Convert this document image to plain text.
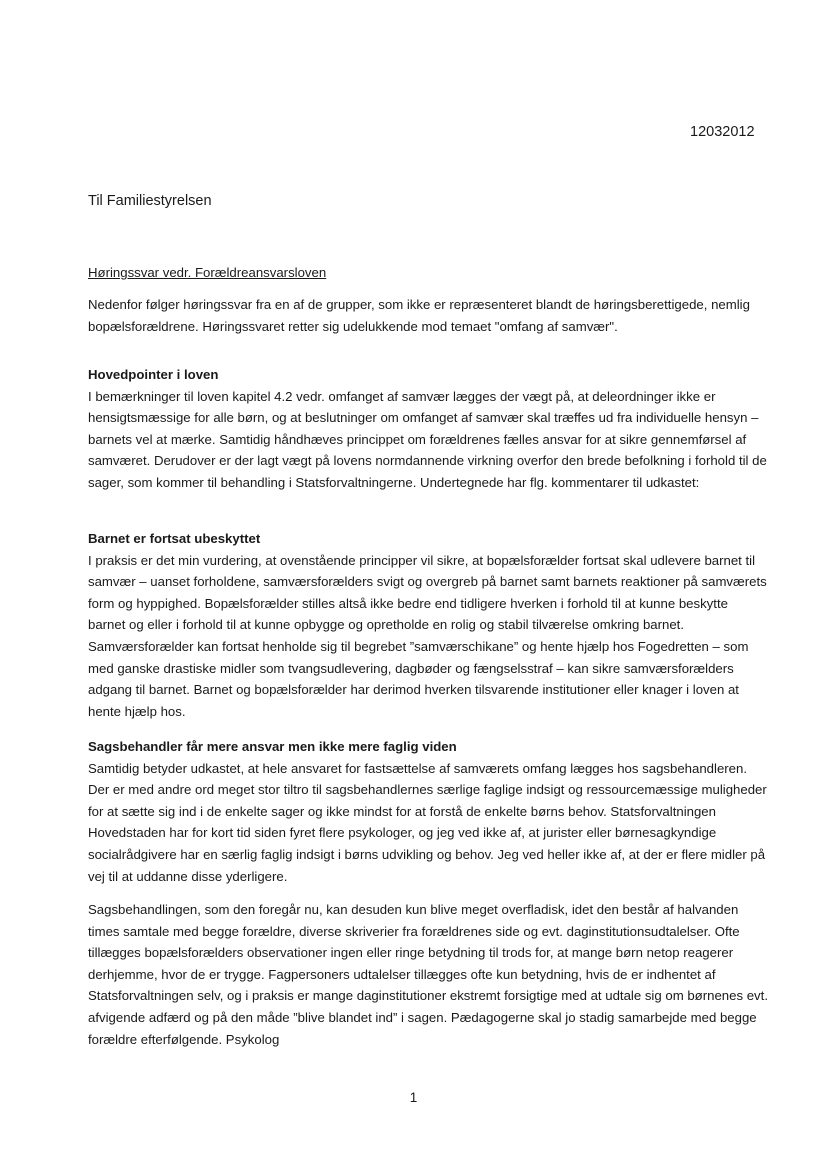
12032012
Til Familiestyrelsen
Høringssvar vedr. Forældreansvarsloven

Nedenfor følger høringssvar fra en af de grupper, som ikke er repræsenteret blandt de høringsberettigede, nemlig bopælsforældrene. Høringssvaret retter sig udelukkende mod temaet "omfang af samvær".

Hovedpointer i loven

I bemærkninger til loven kapitel 4.2 vedr. omfanget af samvær lægges der vægt på, at deleordninger ikke er hensigtsmæssige for alle børn, og at beslutninger om omfanget af samvær skal træffes ud fra individuelle hensyn – barnets vel at mærke. Samtidig håndhæves princippet om forældrenes fælles ansvar for at sikre gennemførsel af samværet. Derudover er der lagt vægt på lovens normdannende virkning overfor den brede befolkning i forhold til de sager, som kommer til behandling i Statsforvaltningerne. Undertegnede har flg. kommentarer til udkastet:

Barnet er fortsat ubeskyttet

I praksis er det min vurdering, at ovenstående principper vil sikre, at bopælsforælder fortsat skal udlevere barnet til samvær – uanset forholdene, samværsforælders svigt og overgreb på barnet samt barnets reaktioner på samværets form og hyppighed. Bopælsforælder stilles altså ikke bedre end tidligere hverken i forhold til at kunne beskytte barnet og eller i forhold til at kunne opbygge og opretholde en rolig og stabil tilværelse omkring barnet. Samværsforælder kan fortsat henholde sig til begrebet ”samværschikane” og hente hjælp hos Fogedretten – som med ganske drastiske midler som tvangsudlevering, dagbøder og fængselsstraf – kan sikre samværsforælders adgang til barnet. Barnet og bopælsforælder har derimod hverken tilsvarende institutioner eller knager i loven at hente hjælp hos.

Sagsbehandler får mere ansvar men ikke mere faglig viden

Samtidig betyder udkastet, at hele ansvaret for fastsættelse af samværets omfang lægges hos sagsbehandleren. Der er med andre ord meget stor tiltro til sagsbehandlernes særlige faglige indsigt og ressourcemæssige muligheder for at sætte sig ind i de enkelte sager og ikke mindst for at forstå de enkelte børns behov. Statsforvaltningen Hovedstaden har for kort tid siden fyret flere psykologer, og jeg ved ikke af, at jurister eller børnesagkyndige socialrådgivere har en særlig faglig indsigt i børns udvikling og behov. Jeg ved heller ikke af, at der er flere midler på vej til at uddanne disse yderligere.

Sagsbehandlingen, som den foregår nu, kan desuden kun blive meget overfladisk, idet den består af halvanden times samtale med begge forældre, diverse skriverier fra forældrenes side og evt. daginstitutionsudtalelser. Ofte tillægges bopælsforælders observationer ingen eller ringe betydning til trods for, at mange børn netop reagerer derhjemme, hvor de er trygge. Fagpersoners udtalelser tillægges ofte kun betydning, hvis de er indhentet af Statsforvaltningen selv, og i praksis er mange daginstitutioner ekstremt forsigtige med at udtale sig om børnenes evt. afvigende adfærd og på den måde ”blive blandet ind” i sagen. Pædagogerne skal jo stadig samarbejde med begge forældre efterfølgende. Psykolog

1
